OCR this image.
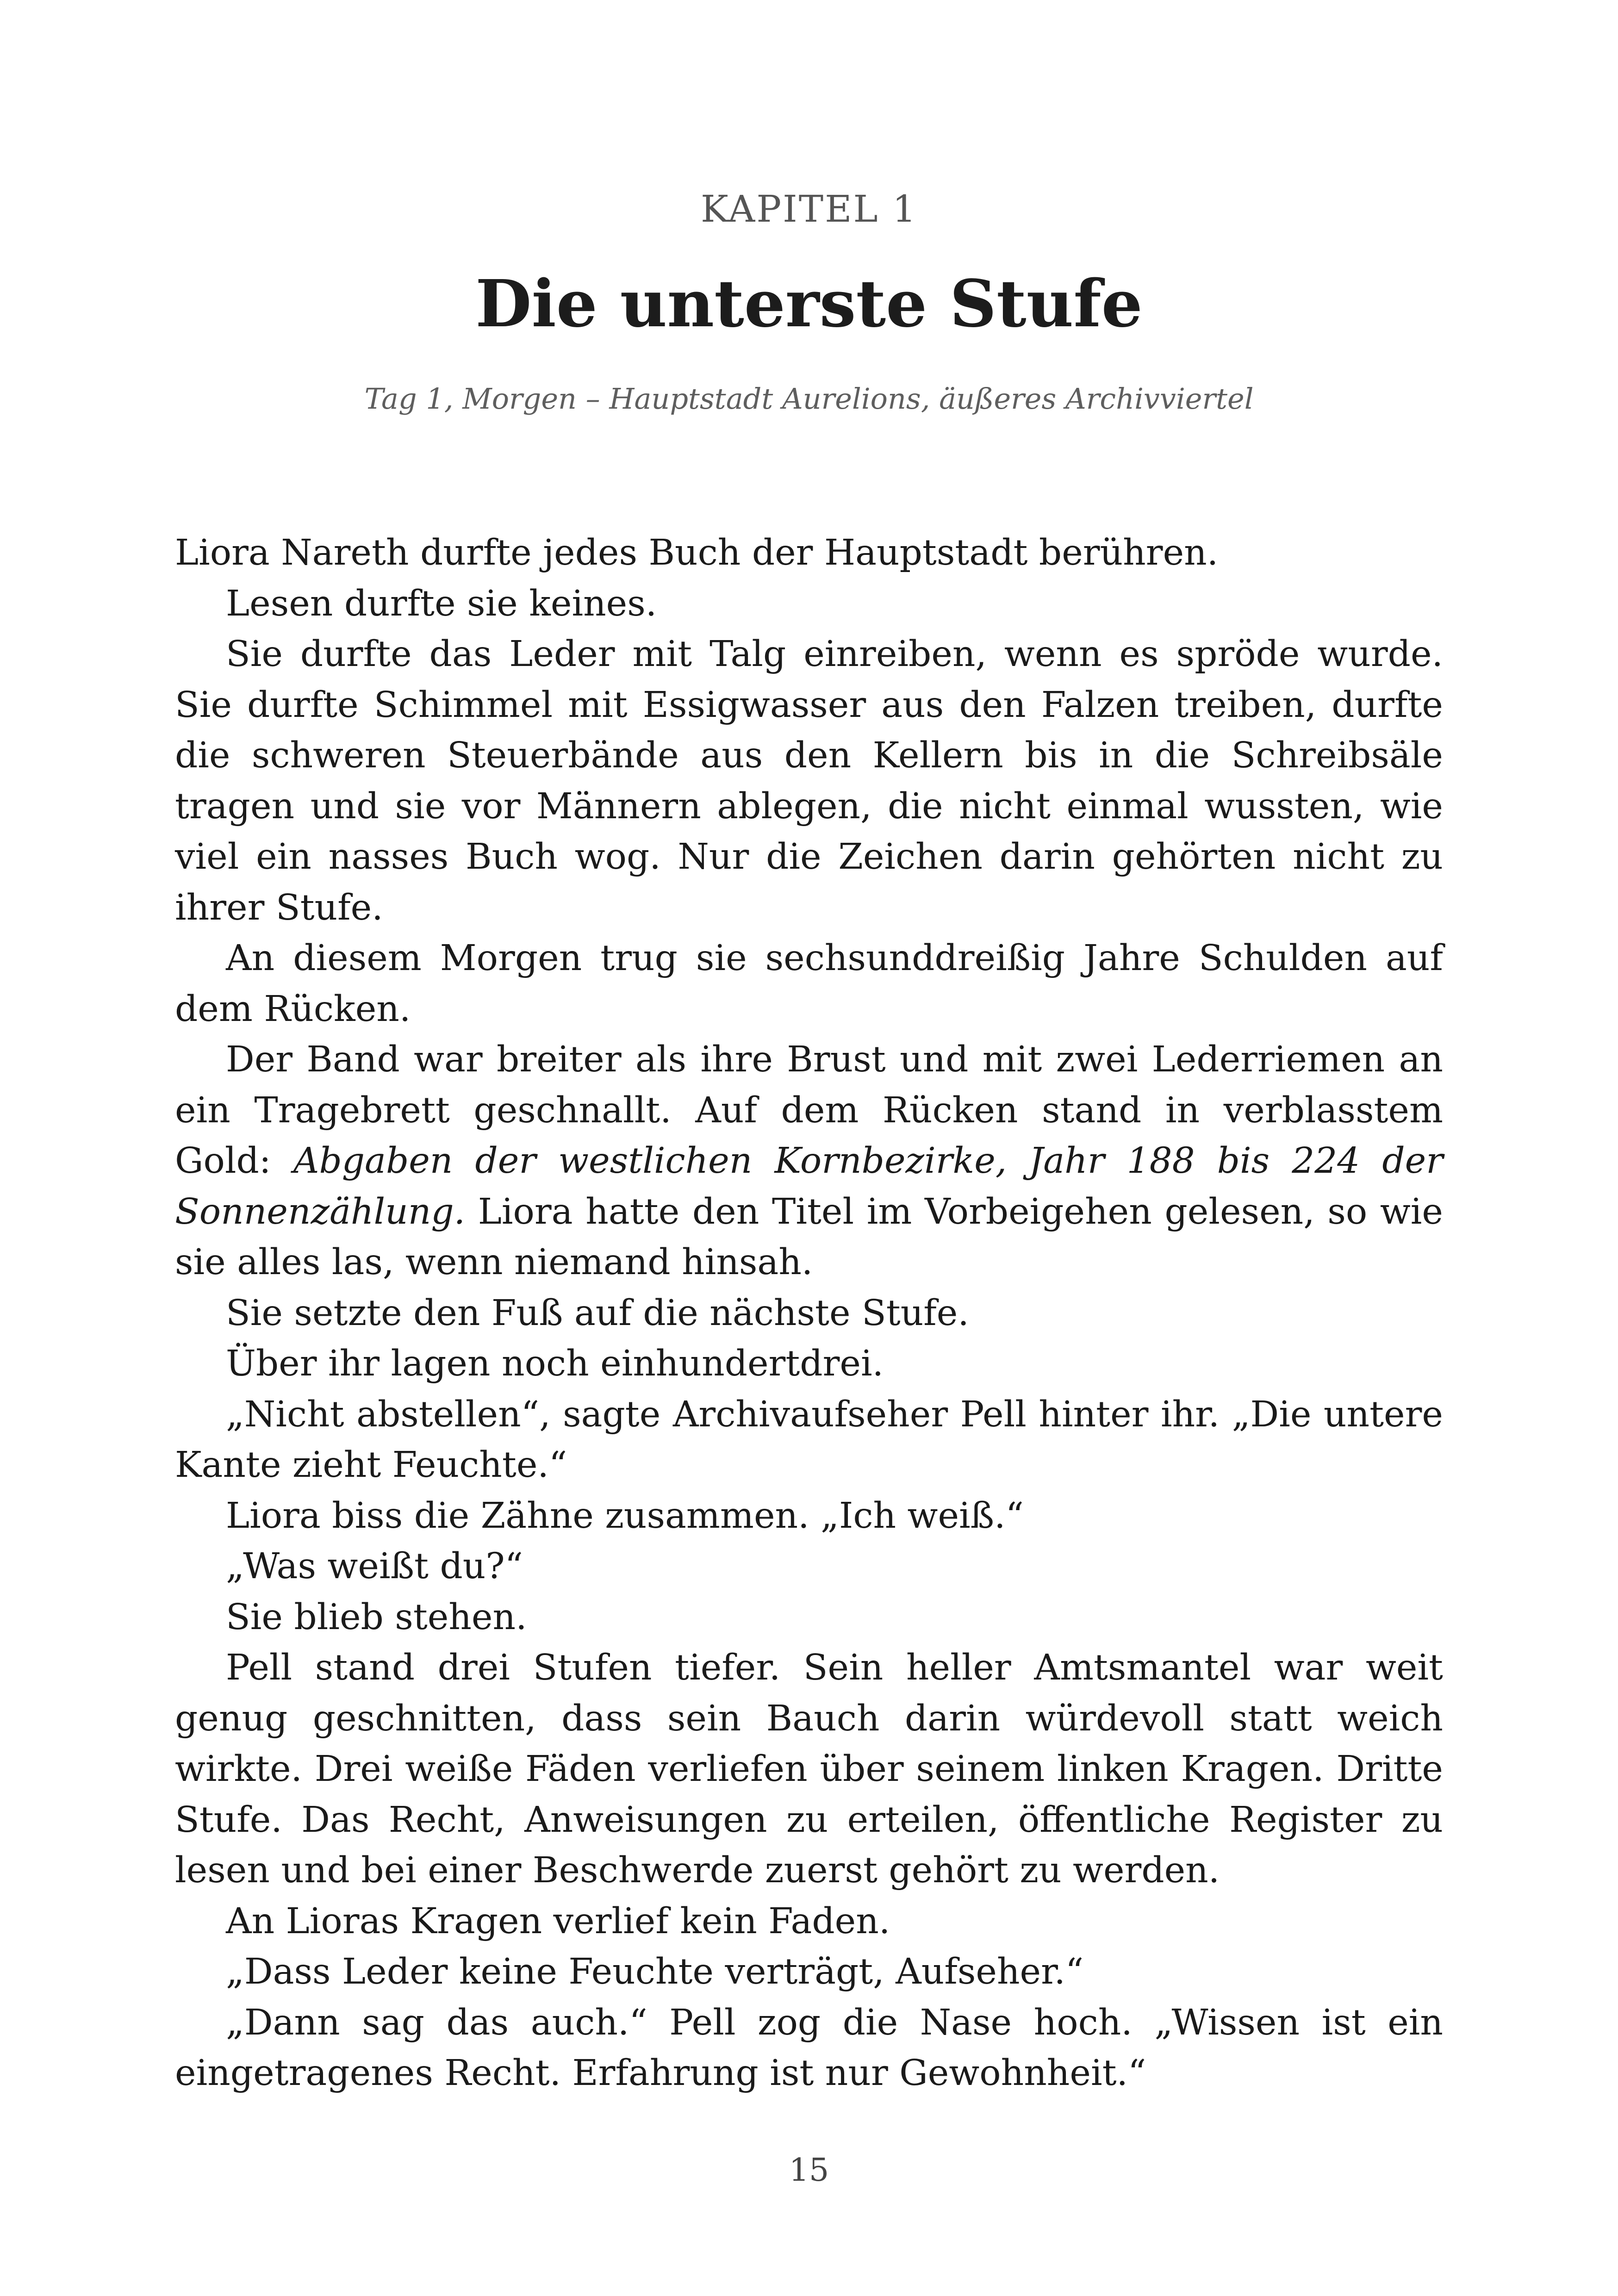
KAPITEL 1
Die unterste Stufe
Tag 1, Morgen – Hauptstadt Aurelions, äußeres Archivviertel

Liora Nareth durfte jedes Buch der Hauptstadt berühren.

Lesen durfte sie keines.

Sie durfte das Leder mit Talg einreiben, wenn es spröde wurde. Sie durfte Schimmel mit Essigwasser aus den Falzen treiben, durfte die schweren Steuerbände aus den Kellern bis in die Schreibsäle tragen und sie vor Männern ablegen, die nicht einmal wussten, wie viel ein nasses Buch wog. Nur die Zeichen darin gehörten nicht zu ihrer Stufe.

An diesem Morgen trug sie sechsunddreißig Jahre Schulden auf dem Rücken.

Der Band war breiter als ihre Brust und mit zwei Lederriemen an ein Tragebrett geschnallt. Auf dem Rücken stand in verblasstem Gold: Abgaben der westlichen Kornbezirke, Jahr 188 bis 224 der Sonnenzählung. Liora hatte den Titel im Vorbeigehen gelesen, so wie sie alles las, wenn niemand hinsah.

Sie setzte den Fuß auf die nächste Stufe.

Über ihr lagen noch einhundertdrei.

„Nicht abstellen“, sagte Archivaufseher Pell hinter ihr. „Die untere Kante zieht Feuchte.“

Liora biss die Zähne zusammen. „Ich weiß.“

„Was weißt du?“

Sie blieb stehen.

Pell stand drei Stufen tiefer. Sein heller Amtsmantel war weit genug geschnitten, dass sein Bauch darin würdevoll statt weich wirkte. Drei weiße Fäden verliefen über seinem linken Kragen. Dritte Stufe. Das Recht, Anweisungen zu erteilen, öffentliche Register zu lesen und bei einer Beschwerde zuerst gehört zu werden.

An Lioras Kragen verlief kein Faden.

„Dass Leder keine Feuchte verträgt, Aufseher.“

„Dann sag das auch.“ Pell zog die Nase hoch. „Wissen ist ein eingetragenes Recht. Erfahrung ist nur Gewohnheit.“

15
